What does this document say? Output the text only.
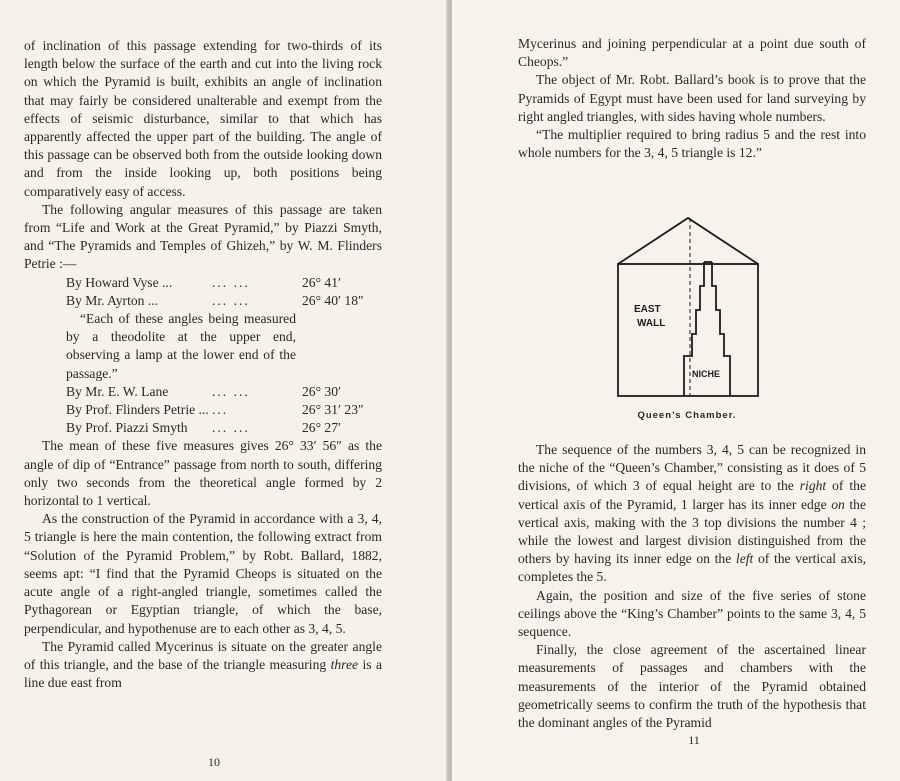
of inclination of this passage extending for two-thirds of its length below the surface of the earth and cut into the living rock on which the Pyramid is built, exhibits an angle of inclination that may fairly be considered unalterable and exempt from the effects of seismic disturbance, similar to that which has apparently affected the upper part of the building. The angle of this passage can be observed both from the outside looking down and from the inside looking up, both positions being comparatively easy of access.

The following angular measures of this passage are taken from “Life and Work at the Great Pyramid,” by Piazzi Smyth, and “The Pyramids and Temples of Ghizeh,” by W. M. Flinders Petrie :—

By Howard Vyse ...	... ...	26° 41′
By Mr. Ayrton ...	... ...	26° 40′ 18″

“Each of these angles being measured by a theodolite at the upper end, observing a lamp at the lower end of the passage.”

By Mr. E. W. Lane	... ...	26° 30′
By Prof. Flinders Petrie ... ...	26° 31′ 23″
By Prof. Piazzi Smyth	... ...	26° 27′

The mean of these five measures gives 26° 33′ 56″ as the angle of dip of “Entrance” passage from north to south, differing only two seconds from the theoretical angle formed by 2 horizontal to 1 vertical.

As the construction of the Pyramid in accordance with a 3, 4, 5 triangle is here the main contention, the following extract from “Solution of the Pyramid Problem,” by Robt. Ballard, 1882, seems apt: “I find that the Pyramid Cheops is situated on the acute angle of a right-angled triangle, sometimes called the Pythagorean or Egyptian triangle, of which the base, perpendicular, and hypothenuse are to each other as 3, 4, 5.

The Pyramid called Mycerinus is situate on the greater angle of this triangle, and the base of the triangle measuring three is a line due east from

10

Mycerinus and joining perpendicular at a point due south of Cheops.”

The object of Mr. Robt. Ballard’s book is to prove that the Pyramids of Egypt must have been used for land surveying by right angled triangles, with sides having whole numbers.

“The multiplier required to bring radius 5 and the rest into whole numbers for the 3, 4, 5 triangle is 12.”

EAST
WALL
NICHE
Queen’s Chamber.

The sequence of the numbers 3, 4, 5 can be recognized in the niche of the “Queen’s Chamber,” consisting as it does of 5 divisions, of which 3 of equal height are to the right of the vertical axis of the Pyramid, 1 larger has its inner edge on the vertical axis, making with the 3 top divisions the number 4 ; while the lowest and largest division distinguished from the others by having its inner edge on the left of the vertical axis, completes the 5.

Again, the position and size of the five series of stone ceilings above the “King’s Chamber” points to the same 3, 4, 5 sequence.

Finally, the close agreement of the ascertained linear measurements of passages and chambers with the measurements of the interior of the Pyramid obtained geometrically seems to confirm the truth of the hypothesis that the dominant angles of the Pyramid

11
